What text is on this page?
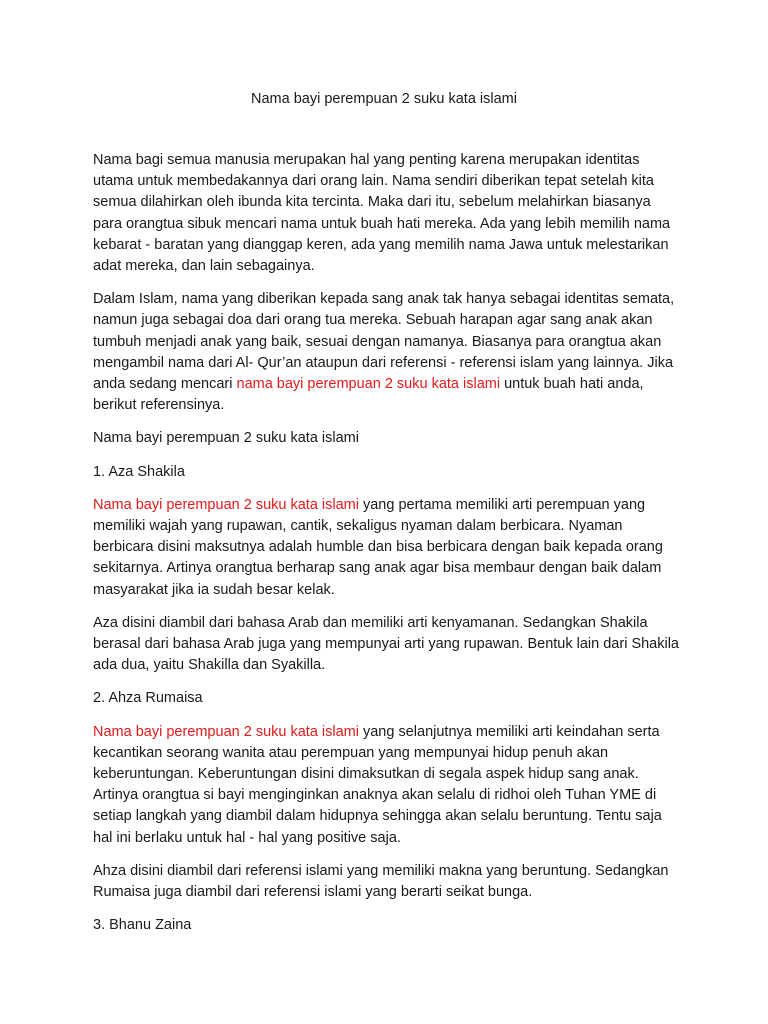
Nama bayi perempuan 2 suku kata islami

Nama bagi semua manusia merupakan hal yang penting karena merupakan identitas utama untuk membedakannya dari orang lain. Nama sendiri diberikan tepat setelah kita semua dilahirkan oleh ibunda kita tercinta. Maka dari itu, sebelum melahirkan biasanya para orangtua sibuk mencari nama untuk buah hati mereka. Ada yang lebih memilih nama kebarat - baratan yang dianggap keren, ada yang memilih nama Jawa untuk melestarikan adat mereka, dan lain sebagainya.

Dalam Islam, nama yang diberikan kepada sang anak tak hanya sebagai identitas semata, namun juga sebagai doa dari orang tua mereka. Sebuah harapan agar sang anak akan tumbuh menjadi anak yang baik, sesuai dengan namanya. Biasanya para orangtua akan mengambil nama dari Al- Qur’an ataupun dari referensi - referensi islam yang lainnya. Jika anda sedang mencari nama bayi perempuan 2 suku kata islami untuk buah hati anda, berikut referensinya.

Nama bayi perempuan 2 suku kata islami

1. Aza Shakila

Nama bayi perempuan 2 suku kata islami yang pertama memiliki arti perempuan yang memiliki wajah yang rupawan, cantik, sekaligus nyaman dalam berbicara. Nyaman berbicara disini maksutnya adalah humble dan bisa berbicara dengan baik kepada orang sekitarnya. Artinya orangtua berharap sang anak agar bisa membaur dengan baik dalam masyarakat jika ia sudah besar kelak.

Aza disini diambil dari bahasa Arab dan memiliki arti kenyamanan. Sedangkan Shakila berasal dari bahasa Arab juga yang mempunyai arti yang rupawan. Bentuk lain dari Shakila ada dua, yaitu Shakilla dan Syakilla.

2. Ahza Rumaisa

Nama bayi perempuan 2 suku kata islami yang selanjutnya memiliki arti keindahan serta kecantikan seorang wanita atau perempuan yang mempunyai hidup penuh akan keberuntungan. Keberuntungan disini dimaksutkan di segala aspek hidup sang anak. Artinya orangtua si bayi menginginkan anaknya akan selalu di ridhoi oleh Tuhan YME di setiap langkah yang diambil dalam hidupnya sehingga akan selalu beruntung. Tentu saja hal ini berlaku untuk hal - hal yang positive saja.

Ahza disini diambil dari referensi islami yang memiliki makna yang beruntung. Sedangkan Rumaisa juga diambil dari referensi islami yang berarti seikat bunga.

3. Bhanu Zaina
